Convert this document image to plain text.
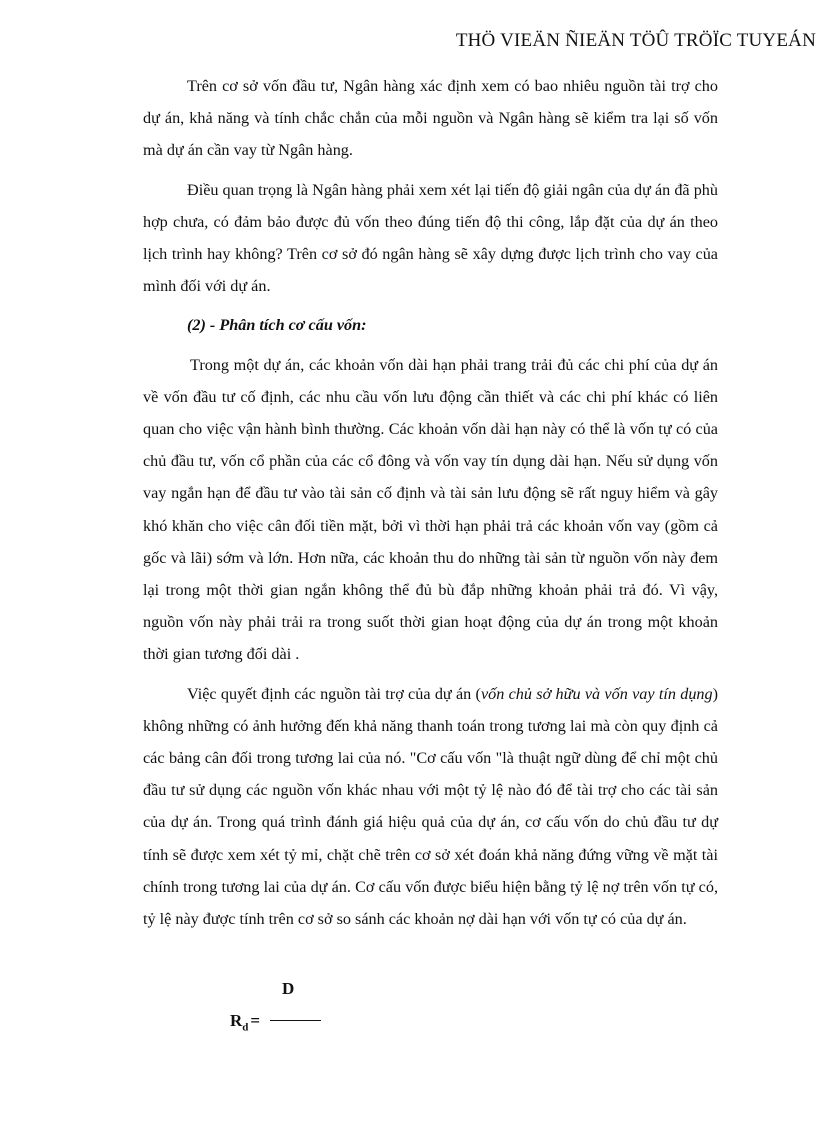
THÖ VIEÄN ÑIEÄN TÖÛ TRÖÏC TUYEÁN

Trên cơ sở vốn đầu tư, Ngân hàng xác định xem có bao nhiêu nguồn tài trợ cho dự án, khả năng và tính chắc chắn của mỗi nguồn và Ngân hàng sẽ kiểm tra lại số vốn mà dự án cần vay từ Ngân hàng.

Điều quan trọng là Ngân hàng phải xem xét lại tiến độ giải ngân của dự án đã phù hợp chưa, có đảm bảo được đủ vốn theo đúng tiến độ thi công, lắp đặt của dự án theo lịch trình hay không? Trên cơ sở đó ngân hàng sẽ xây dựng được lịch trình cho vay của mình đối với dự án.

(2) - Phân tích cơ cấu vốn:

Trong một dự án, các khoản vốn dài hạn phải trang trải đủ các chi phí của dự án về vốn đầu tư cố định, các nhu cầu vốn lưu động cần thiết và các chi phí khác có liên quan cho việc vận hành bình thường. Các khoản vốn dài hạn này có thể là vốn tự có của chủ đầu tư, vốn cổ phần của các cổ đông và vốn vay tín dụng dài hạn. Nếu sử dụng vốn vay ngắn hạn để đầu tư vào tài sản cố định và tài sản lưu động sẽ rất nguy hiểm và gây khó khăn cho việc cân đối tiền mặt, bởi vì thời hạn phải trả các khoản vốn vay (gồm cả gốc và lãi) sớm và lớn. Hơn nữa, các khoản thu do những tài sản từ nguồn vốn này đem lại trong một thời gian ngắn không thể đủ bù đắp những khoản phải trả đó. Vì vậy, nguồn vốn này phải trải ra trong suốt thời gian hoạt động của dự án trong một khoản thời gian tương đối dài .

Việc quyết định các nguồn tài trợ của dự án (vốn chủ sở hữu và vốn vay tín dụng) không những có ảnh hưởng đến khả năng thanh toán trong tương lai mà còn quy định cả các bảng cân đối trong tương lai của nó. "Cơ cấu vốn "là thuật ngữ dùng để chỉ một chủ đầu tư sử dụng các nguồn vốn khác nhau với một tỷ lệ nào đó để tài trợ cho các tài sản của dự án. Trong quá trình đánh giá hiệu quả của dự án, cơ cấu vốn do chủ đầu tư dự tính sẽ được xem xét tỷ mỉ, chặt chẽ trên cơ sở xét đoán khả năng đứng vững về mặt tài chính trong tương lai của dự án. Cơ cấu vốn được biểu hiện bằng tỷ lệ nợ trên vốn tự có, tỷ lệ này được tính trên cơ sở so sánh các khoản nợ dài hạn với vốn tự có của dự án.

D
$R_d$ =
